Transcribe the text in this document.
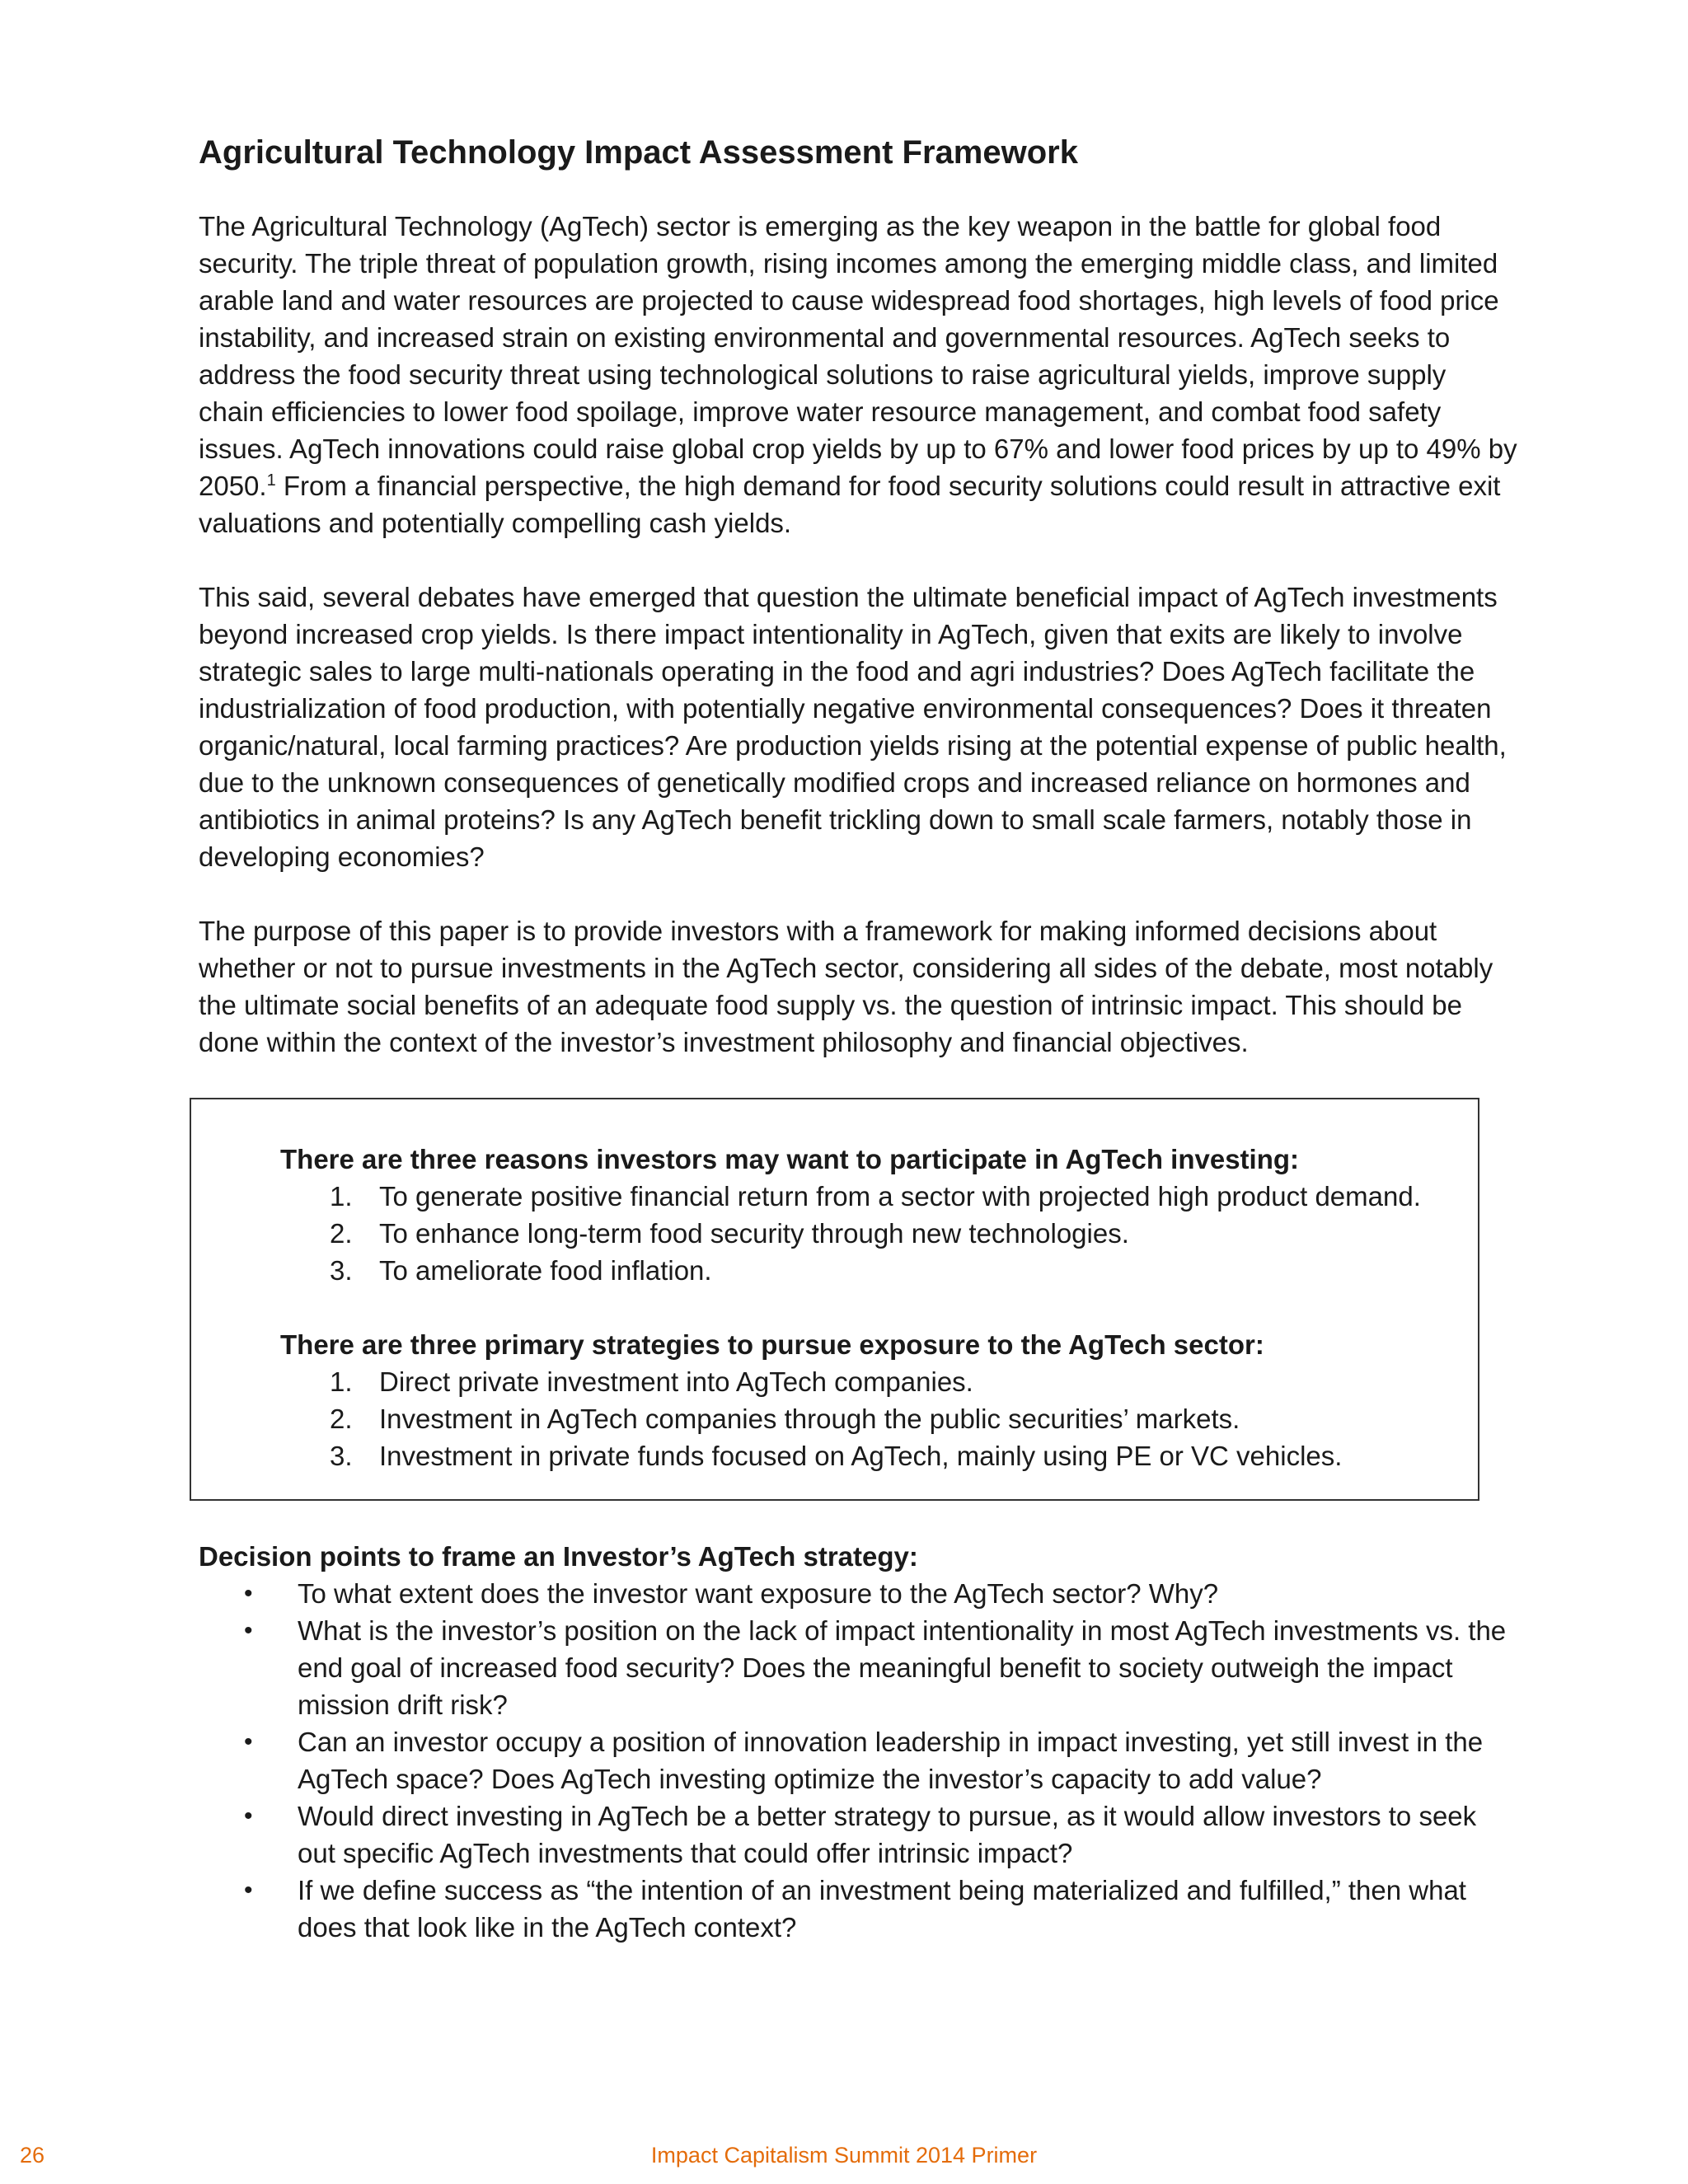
Agricultural Technology Impact Assessment Framework

The Agricultural Technology (AgTech) sector is emerging as the key weapon in the battle for global food security. The triple threat of population growth, rising incomes among the emerging middle class, and limited arable land and water resources are projected to cause widespread food shortages, high levels of food price instability, and increased strain on existing environmental and governmental resources. AgTech seeks to address the food security threat using technological solutions to raise agricultural yields, improve supply chain efficiencies to lower food spoilage, improve water resource management, and combat food safety issues. AgTech innovations could raise global crop yields by up to 67% and lower food prices by up to 49% by 2050.$^1$ From a financial perspective, the high demand for food security solutions could result in attractive exit valuations and potentially compelling cash yields.

This said, several debates have emerged that question the ultimate beneficial impact of AgTech investments beyond increased crop yields. Is there impact intentionality in AgTech, given that exits are likely to involve strategic sales to large multi-nationals operating in the food and agri industries? Does AgTech facilitate the industrialization of food production, with potentially negative environmental consequences? Does it threaten organic/natural, local farming practices? Are production yields rising at the potential expense of public health, due to the unknown consequences of genetically modified crops and increased reliance on hormones and antibiotics in animal proteins? Is any AgTech benefit trickling down to small scale farmers, notably those in developing economies?

The purpose of this paper is to provide investors with a framework for making informed decisions about whether or not to pursue investments in the AgTech sector, considering all sides of the debate, most notably the ultimate social benefits of an adequate food supply vs. the question of intrinsic impact. This should be done within the context of the investor’s investment philosophy and financial objectives.

There are three reasons investors may want to participate in AgTech investing:
1. To generate positive financial return from a sector with projected high product demand.
2. To enhance long-term food security through new technologies.
3. To ameliorate food inflation.
There are three primary strategies to pursue exposure to the AgTech sector:
1. Direct private investment into AgTech companies.
2. Investment in AgTech companies through the public securities’ markets.
3. Investment in private funds focused on AgTech, mainly using PE or VC vehicles.
Decision points to frame an Investor’s AgTech strategy:
• To what extent does the investor want exposure to the AgTech sector? Why?
• What is the investor’s position on the lack of impact intentionality in most AgTech investments vs. the end goal of increased food security? Does the meaningful benefit to society outweigh the impact mission drift risk?
• Can an investor occupy a position of innovation leadership in impact investing, yet still invest in the AgTech space? Does AgTech investing optimize the investor’s capacity to add value?
• Would direct investing in AgTech be a better strategy to pursue, as it would allow investors to seek out specific AgTech investments that could offer intrinsic impact?
• If we define success as “the intention of an investment being materialized and fulfilled,” then what does that look like in the AgTech context?
26	Impact Capitalism Summit 2014 Primer
